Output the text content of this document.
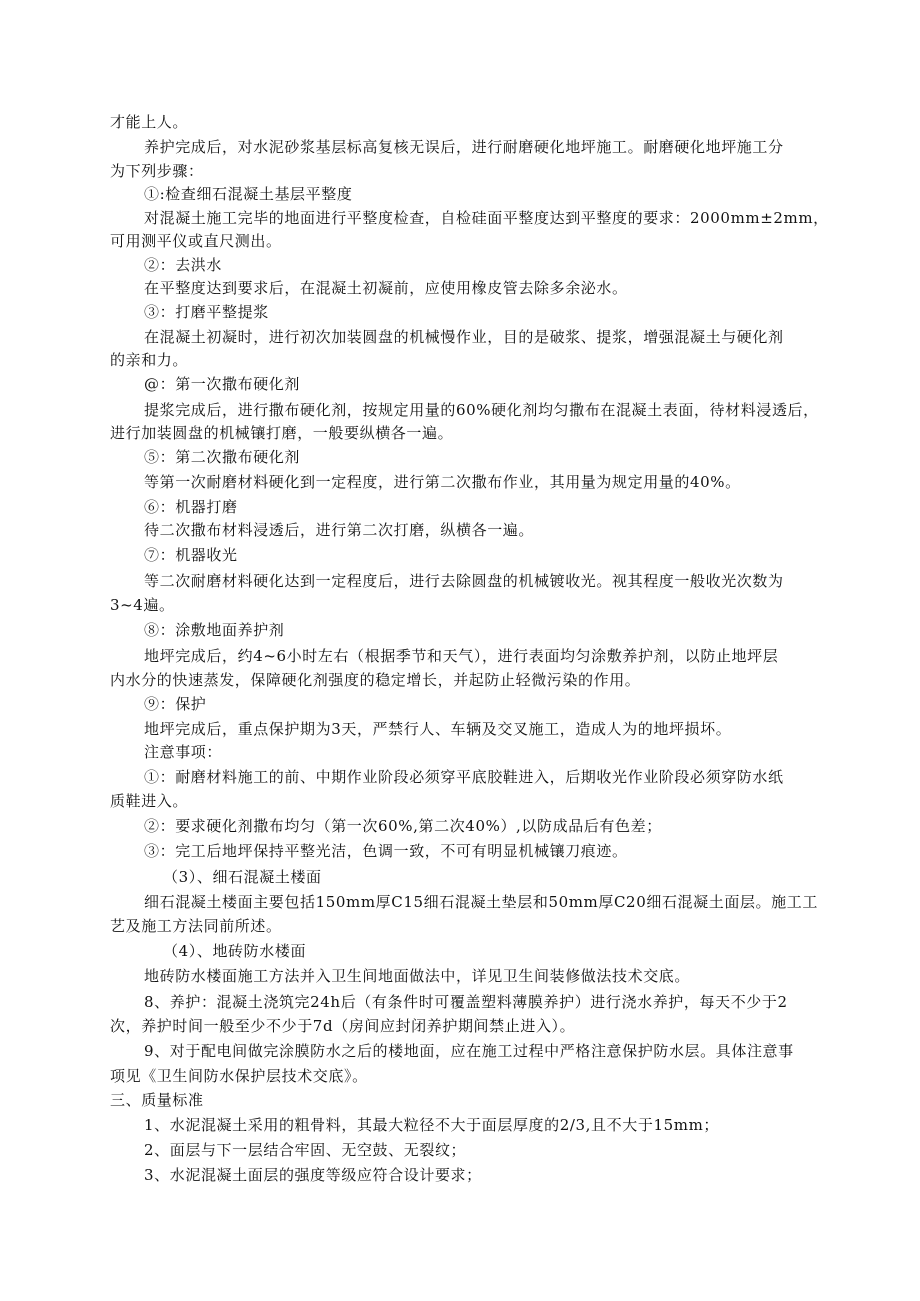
才能上人。
养护完成后，对水泥砂浆基层标高复核无误后，进行耐磨硬化地坪施工。耐磨硬化地坪施工分
为下列步骤：
①:检查细石混凝土基层平整度
对混凝土施工完毕的地面进行平整度检查，自检硅面平整度达到平整度的要求：2000mm±2mm，
可用测平仪或直尺测出。
②：去洪水
在平整度达到要求后，在混凝土初凝前，应使用橡皮管去除多余泌水。
③：打磨平整提浆
在混凝土初凝时，进行初次加装圆盘的机械慢作业，目的是破浆、提浆，增强混凝土与硬化剂
的亲和力。
@：第一次撒布硬化剂
提浆完成后，进行撒布硬化剂，按规定用量的60%硬化剂均匀撒布在混凝土表面，待材料浸透后，
进行加装圆盘的机械镶打磨，一般要纵横各一遍。
⑤：第二次撒布硬化剂
等第一次耐磨材料硬化到一定程度，进行第二次撒布作业，其用量为规定用量的40%。
⑥：机器打磨
待二次撒布材料浸透后，进行第二次打磨，纵横各一遍。
⑦：机器收光
等二次耐磨材料硬化达到一定程度后，进行去除圆盘的机械镀收光。视其程度一般收光次数为
3~4遍。
⑧：涂敷地面养护剂
地坪完成后，约4~6小时左右（根据季节和天气），进行表面均匀涂敷养护剂，以防止地坪层
内水分的快速蒸发，保障硬化剂强度的稳定增长，并起防止轻微污染的作用。
⑨：保护
地坪完成后，重点保护期为3天，严禁行人、车辆及交叉施工，造成人为的地坪损坏。
注意事项：
①：耐磨材料施工的前、中期作业阶段必须穿平底胶鞋进入，后期收光作业阶段必须穿防水纸
质鞋进入。
②：要求硬化剂撒布均匀（第一次60%,第二次40%）,以防成品后有色差；
③：完工后地坪保持平整光洁，色调一致，不可有明显机械镶刀痕迹。
（3）、细石混凝土楼面
细石混凝土楼面主要包括150mm厚C15细石混凝土垫层和50mm厚C20细石混凝土面层。施工工
艺及施工方法同前所述。
（4）、地砖防水楼面
地砖防水楼面施工方法并入卫生间地面做法中，详见卫生间装修做法技术交底。
8、养护：混凝土浇筑完24h后（有条件时可覆盖塑料薄膜养护）进行浇水养护，每天不少于2
次，养护时间一般至少不少于7d（房间应封闭养护期间禁止进入）。
9、对于配电间做完涂膜防水之后的楼地面，应在施工过程中严格注意保护防水层。具体注意事
项见《卫生间防水保护层技术交底》。
三、质量标准
1、水泥混凝土采用的粗骨料，其最大粒径不大于面层厚度的2/3,且不大于15mm；
2、面层与下一层结合牢固、无空鼓、无裂纹；
3、水泥混凝土面层的强度等级应符合设计要求；
